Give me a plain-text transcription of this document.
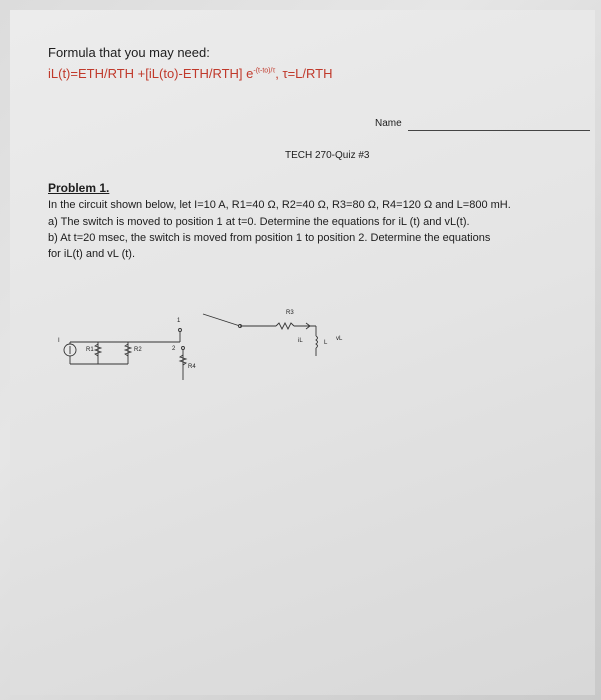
Formula that you may need:
iL(t)=ETH/RTH +[iL(to)-ETH/RTH] $e^{-(t-to)/\tau}$, τ=L/RTH
Name
TECH 270-Quiz #3
Problem 1.
In the circuit shown below, let I=10 A, R1=40 Ω, R2=40 Ω, R3=80 Ω, R4=120 Ω and L=800 mH.
a) The switch is moved to position 1 at t=0. Determine the equations for iL (t) and vL(t).
b) At t=20 msec, the switch is moved from position 1 to position 2. Determine the equations
for iL(t) and vL (t).
I
R1	R2
R3
R4
1
2
L
iL	vL
